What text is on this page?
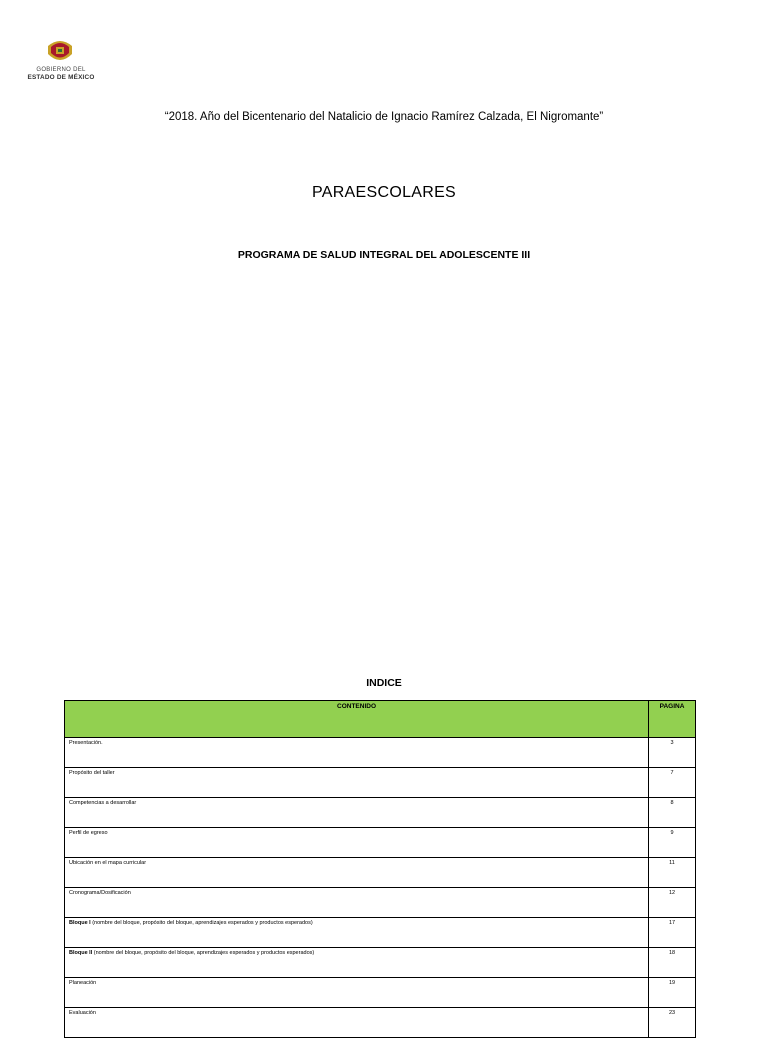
GOBIERNO DEL
ESTADO DE MÉXICO
“2018. Año del Bicentenario del Natalicio de Ignacio Ramírez Calzada, El Nigromante”
PARAESCOLARES
PROGRAMA DE SALUD INTEGRAL DEL ADOLESCENTE III
INDICE
CONTENIDO	PAGINA
Presentación.	3
Propósito del taller	7
Competencias a desarrollar	8
Perfil de egreso	9
Ubicación en el mapa curricular	11
Cronograma/Dosificación	12
Bloque I (nombre del bloque, propósito del bloque, aprendizajes esperados y productos esperados)	17
Bloque II (nombre del bloque, propósito del bloque, aprendizajes esperados y productos esperados)	18
Planeación	19
Evaluación	23
